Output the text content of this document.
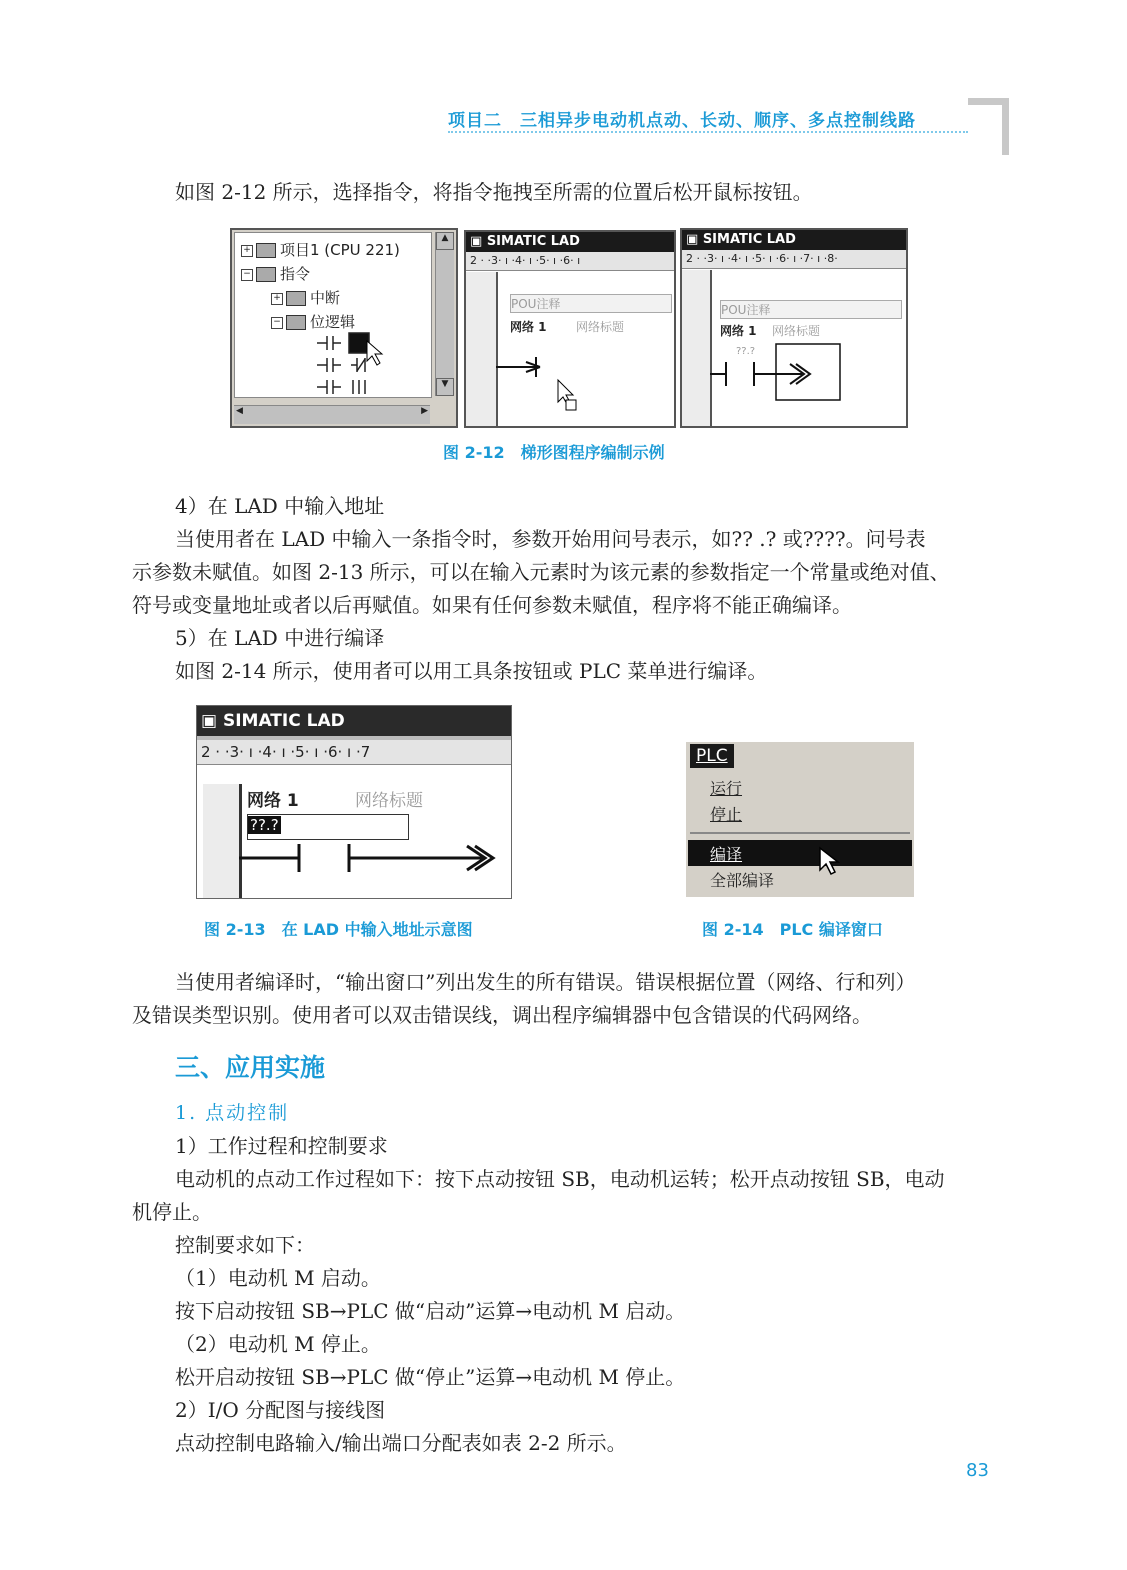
项目二　三相异步电动机点动、长动、顺序、多点控制线路
如图 2-12 所示，选择指令，将指令拖拽至所需的位置后松开鼠标按钮。
+ 项目1 (CPU 221)
− 指令
+ 中断
− 位逻辑
▲
▼
◀	▶
▣ SIMATIC LAD
2 · ·3· ı ·4· ı ·5· ı ·6· ı
POU注释
网络 1 网络标题
▣ SIMATIC LAD
2 · ·3· ı ·4· ı ·5· ı ·6· ı ·7· ı ·8·
POU注释
网络 1 网络标题
??.?
图 2-12　梯形图程序编制示例
4）在 LAD 中输入地址
当使用者在 LAD 中输入一条指令时，参数开始用问号表示，如?? .? 或????。问号表
示参数未赋值。如图 2-13 所示，可以在输入元素时为该元素的参数指定一个常量或绝对值、
符号或变量地址或者以后再赋值。如果有任何参数未赋值，程序将不能正确编译。
5）在 LAD 中进行编译
如图 2-14 所示，使用者可以用工具条按钮或 PLC 菜单进行编译。
▣ SIMATIC LAD
2 · ·3· ı ·4· ı ·5· ı ·6· ı ·7
网络 1	网络标题
??.?
图 2-13　在 LAD 中输入地址示意图
PLC
运行
停止
编译
全部编译
图 2-14　PLC 编译窗口
当使用者编译时，“输出窗口”列出发生的所有错误。错误根据位置（网络、行和列）
及错误类型识别。使用者可以双击错误线，调出程序编辑器中包含错误的代码网络。
三、应用实施
1. 点动控制
1）工作过程和控制要求
电动机的点动工作过程如下：按下点动按钮 SB，电动机运转；松开点动按钮 SB，电动
机停止。
控制要求如下：
（1）电动机 M 启动。
按下启动按钮 SB→PLC 做“启动”运算→电动机 M 启动。
（2）电动机 M 停止。
松开启动按钮 SB→PLC 做“停止”运算→电动机 M 停止。
2）I/O 分配图与接线图
点动控制电路输入/输出端口分配表如表 2-2 所示。
83
